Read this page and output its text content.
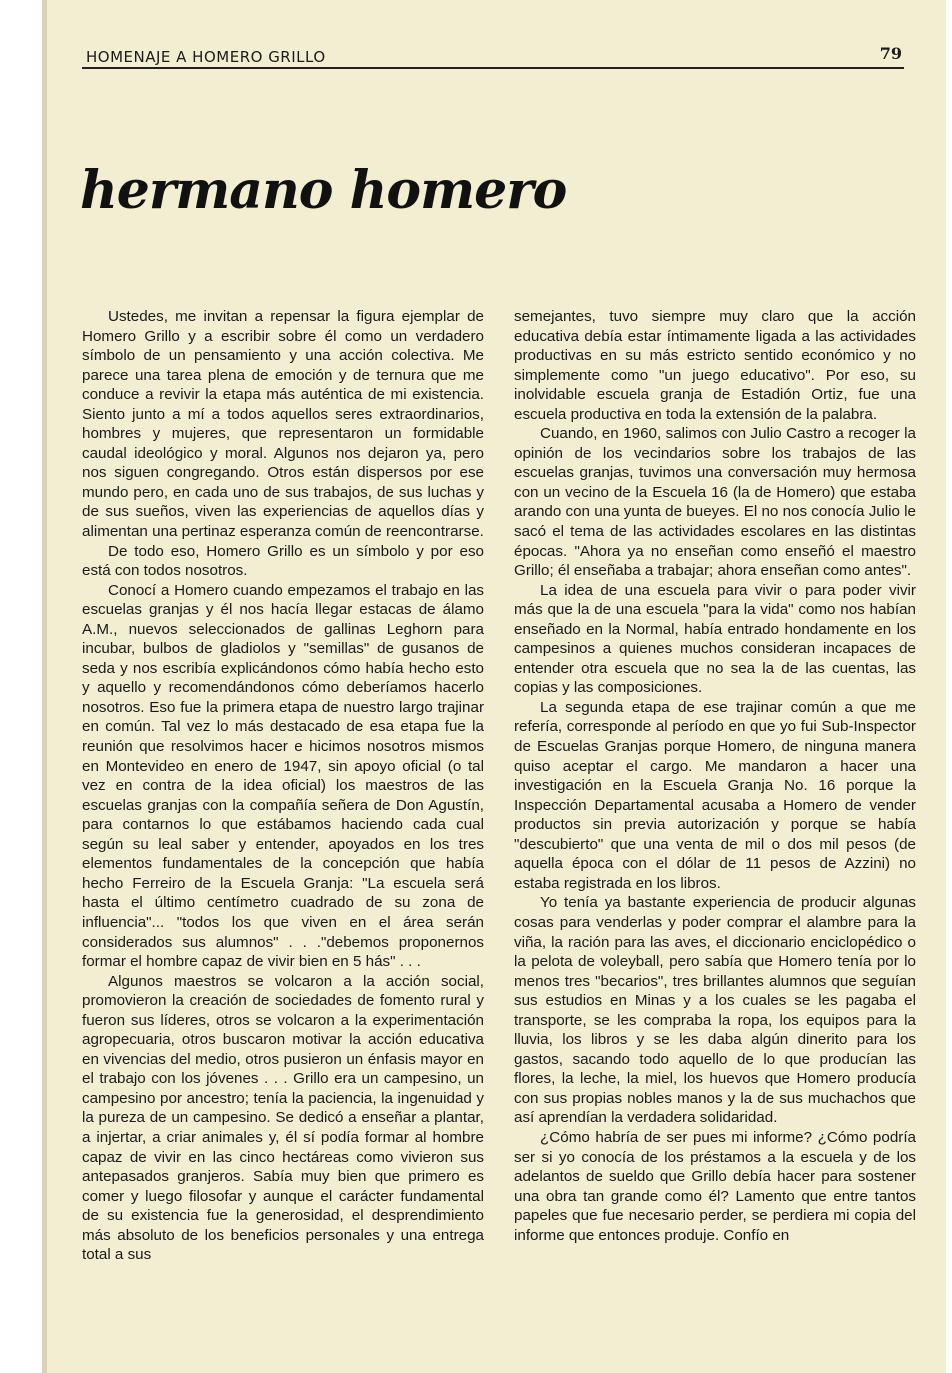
HOMENAJE A HOMERO GRILLO	79
hermano homero

Ustedes, me invitan a repensar la figura ejemplar de Homero Grillo y a escribir sobre él como un verdadero símbolo de un pensamiento y una acción colectiva. Me parece una tarea plena de emoción y de ternura que me conduce a revivir la etapa más auténtica de mi existencia. Siento junto a mí a todos aquellos seres extraordinarios, hombres y mujeres, que representaron un formidable caudal ideológico y moral. Algunos nos dejaron ya, pero nos siguen congregando. Otros están dispersos por ese mundo pero, en cada uno de sus trabajos, de sus luchas y de sus sueños, viven las experiencias de aquellos días y alimentan una pertinaz esperanza común de reencontrarse.

De todo eso, Homero Grillo es un símbolo y por eso está con todos nosotros.

Conocí a Homero cuando empezamos el trabajo en las escuelas granjas y él nos hacía llegar estacas de álamo A.M., nuevos seleccionados de gallinas Leghorn para incubar, bulbos de gladiolos y "semillas" de gusanos de seda y nos escribía explicándonos cómo había hecho esto y aquello y recomendándonos cómo deberíamos hacerlo nosotros. Eso fue la primera etapa de nuestro largo trajinar en común. Tal vez lo más destacado de esa etapa fue la reunión que resolvimos hacer e hicimos nosotros mismos en Montevideo en enero de 1947, sin apoyo oficial (o tal vez en contra de la idea oficial) los maestros de las escuelas granjas con la compañía señera de Don Agustín, para contarnos lo que estábamos haciendo cada cual según su leal saber y entender, apoyados en los tres elementos fundamentales de la concepción que había hecho Ferreiro de la Escuela Granja: "La escuela será hasta el último centímetro cuadrado de su zona de influencia"... "todos los que viven en el área serán considerados sus alumnos" . . ."debemos proponernos formar el hombre capaz de vivir bien en 5 hás" . . .

Algunos maestros se volcaron a la acción social, promovieron la creación de sociedades de fomento rural y fueron sus líderes, otros se volcaron a la experimentación agropecuaria, otros buscaron motivar la acción educativa en vivencias del medio, otros pusieron un énfasis mayor en el trabajo con los jóvenes . . . Grillo era un campesino, un campesino por ancestro; tenía la paciencia, la ingenuidad y la pureza de un campesino. Se dedicó a enseñar a plantar, a injertar, a criar animales y, él sí podía formar al hombre capaz de vivir en las cinco hectáreas como vivieron sus antepasados granjeros. Sabía muy bien que primero es comer y luego filosofar y aunque el carácter fundamental de su existencia fue la generosidad, el desprendimiento más absoluto de los beneficios personales y una entrega total a sus

semejantes, tuvo siempre muy claro que la acción educativa debía estar íntimamente ligada a las actividades productivas en su más estricto sentido económico y no simplemente como "un juego educativo". Por eso, su inolvidable escuela granja de Estadión Ortiz, fue una escuela productiva en toda la extensión de la palabra.

Cuando, en 1960, salimos con Julio Castro a recoger la opinión de los vecindarios sobre los trabajos de las escuelas granjas, tuvimos una conversación muy hermosa con un vecino de la Escuela 16 (la de Homero) que estaba arando con una yunta de bueyes. El no nos conocía Julio le sacó el tema de las actividades escolares en las distintas épocas. "Ahora ya no enseñan como enseñó el maestro Grillo; él enseñaba a trabajar; ahora enseñan como antes".

La idea de una escuela para vivir o para poder vivir más que la de una escuela "para la vida" como nos habían enseñado en la Normal, había entrado hondamente en los campesinos a quienes muchos consideran incapaces de entender otra escuela que no sea la de las cuentas, las copias y las composiciones.

La segunda etapa de ese trajinar común a que me refería, corresponde al período en que yo fui Sub-Inspector de Escuelas Granjas porque Homero, de ninguna manera quiso aceptar el cargo. Me mandaron a hacer una investigación en la Escuela Granja No. 16 porque la Inspección Departamental acusaba a Homero de vender productos sin previa autorización y porque se había "descubierto" que una venta de mil o dos mil pesos (de aquella época con el dólar de 11 pesos de Azzini) no estaba registrada en los libros.

Yo tenía ya bastante experiencia de producir algunas cosas para venderlas y poder comprar el alambre para la viña, la ración para las aves, el diccionario enciclopédico o la pelota de voleyball, pero sabía que Homero tenía por lo menos tres "becarios", tres brillantes alumnos que seguían sus estudios en Minas y a los cuales se les pagaba el transporte, se les compraba la ropa, los equipos para la lluvia, los libros y se les daba algún dinerito para los gastos, sacando todo aquello de lo que producían las flores, la leche, la miel, los huevos que Homero producía con sus propias nobles manos y la de sus muchachos que así aprendían la verdadera solidaridad.

¿Cómo habría de ser pues mi informe? ¿Cómo podría ser si yo conocía de los préstamos a la escuela y de los adelantos de sueldo que Grillo debía hacer para sostener una obra tan grande como él? Lamento que entre tantos papeles que fue necesario perder, se perdiera mi copia del informe que entonces produje. Confío en
